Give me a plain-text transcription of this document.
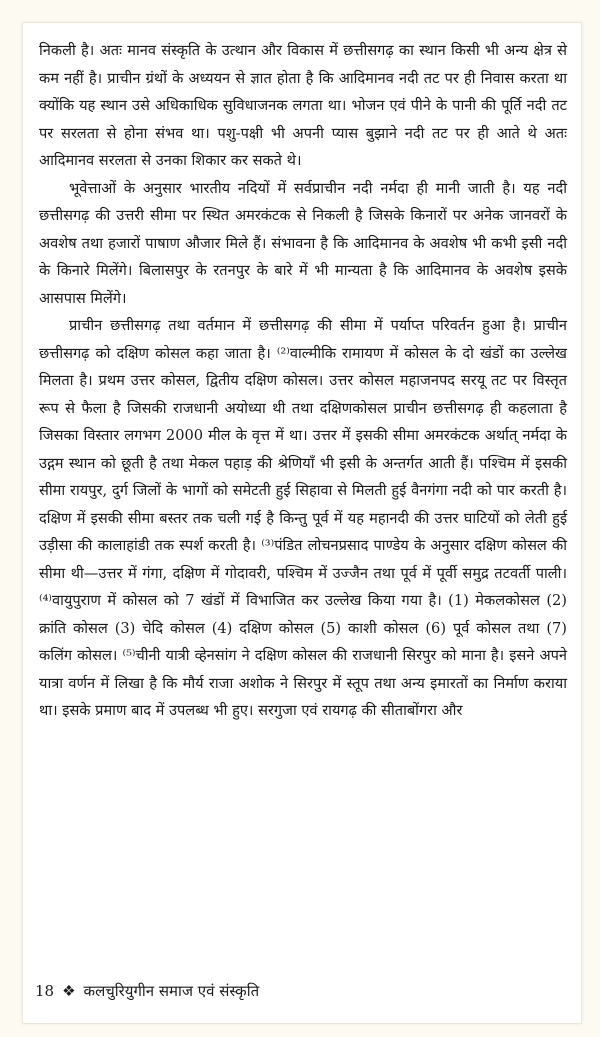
निकली है। अतः मानव संस्कृति के उत्थान और विकास में छत्तीसगढ़ का स्थान किसी भी अन्य क्षेत्र से कम नहीं है। प्राचीन ग्रंथों के अध्ययन से ज्ञात होता है कि आदिमानव नदी तट पर ही निवास करता था क्योंकि यह स्थान उसे अधिकाधिक सुविधाजनक लगता था। भोजन एवं पीने के पानी की पूर्ति नदी तट पर सरलता से होना संभव था। पशु-पक्षी भी अपनी प्यास बुझाने नदी तट पर ही आते थे अतः आदिमानव सरलता से उनका शिकार कर सकते थे।

भूवेत्ताओं के अनुसार भारतीय नदियों में सर्वप्राचीन नदी नर्मदा ही मानी जाती है। यह नदी छत्तीसगढ़ की उत्तरी सीमा पर स्थित अमरकंटक से निकली है जिसके किनारों पर अनेक जानवरों के अवशेष तथा हजारों पाषाण औजार मिले हैं। संभावना है कि आदिमानव के अवशेष भी कभी इसी नदी के किनारे मिलेंगे। बिलासपुर के रतनपुर के बारे में भी मान्यता है कि आदिमानव के अवशेष इसके आसपास मिलेंगे।

प्राचीन छत्तीसगढ़ तथा वर्तमान में छत्तीसगढ़ की सीमा में पर्याप्त परिवर्तन हुआ है। प्राचीन छत्तीसगढ़ को दक्षिण कोसल कहा जाता है। ⁽²⁾वाल्मीकि रामायण में कोसल के दो खंडों का उल्लेख मिलता है। प्रथम उत्तर कोसल, द्वितीय दक्षिण कोसल। उत्तर कोसल महाजनपद सरयू तट पर विस्तृत रूप से फैला है जिसकी राजधानी अयोध्या थी तथा दक्षिणकोसल प्राचीन छत्तीसगढ़ ही कहलाता है जिसका विस्तार लगभग 2000 मील के वृत्त में था। उत्तर में इसकी सीमा अमरकंटक अर्थात् नर्मदा के उद्गम स्थान को छूती है तथा मेकल पहाड़ की श्रेणियाँ भी इसी के अन्तर्गत आती हैं। पश्चिम में इसकी सीमा रायपुर, दुर्ग जिलों के भागों को समेटती हुई सिहावा से मिलती हुई वैनगंगा नदी को पार करती है। दक्षिण में इसकी सीमा बस्तर तक चली गई है किन्तु पूर्व में यह महानदी की उत्तर घाटियों को लेती हुई उड़ीसा की कालाहांडी तक स्पर्श करती है। ⁽³⁾पंडित लोचनप्रसाद पाण्डेय के अनुसार दक्षिण कोसल की सीमा थी—उत्तर में गंगा, दक्षिण में गोदावरी, पश्चिम में उज्जैन तथा पूर्व में पूर्वी समुद्र तटवर्ती पाली। ⁽⁴⁾वायुपुराण में कोसल को 7 खंडों में विभाजित कर उल्लेख किया गया है। (1) मेकलकोसल (2) क्रांति कोसल (3) चेदि कोसल (4) दक्षिण कोसल (5) काशी कोसल (6) पूर्व कोसल तथा (7) कलिंग कोसल। ⁽⁵⁾चीनी यात्री व्हेनसांग ने दक्षिण कोसल की राजधानी सिरपुर को माना है। इसने अपने यात्रा वर्णन में लिखा है कि मौर्य राजा अशोक ने सिरपुर में स्तूप तथा अन्य इमारतों का निर्माण कराया था। इसके प्रमाण बाद में उपलब्ध भी हुए। सरगुजा एवं रायगढ़ की सीताबोंगरा और

18 ❖ कलचुरियुगीन समाज एवं संस्कृति
